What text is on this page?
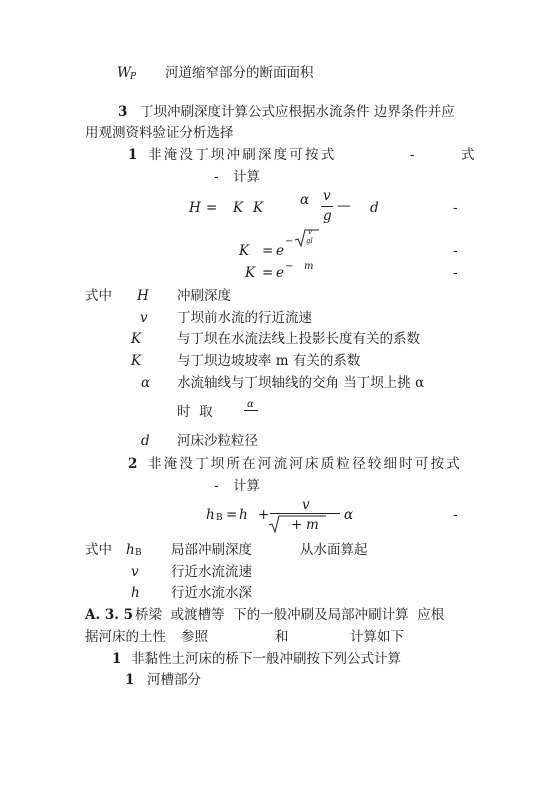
W P 河道缩窄部分的断面面积
3 丁坝冲刷深度计算公式应根据水流条件 边界条件并应
用观测资料验证分析选择
1 非淹没丁坝冲刷深度可按式	-	式
- 计算
H = K K	α v
g
— d	-
K = e
−
v
gl
-
K = e − m	-
式中 H 冲刷深度
v 丁坝前水流的行近流速
K	与丁坝在水流法线上投影长度有关的系数
K	与丁坝边坡坡率 m 有关的系数
α 水流轴线与丁坝轴线的交角 当丁坝上挑 α
时  取	α
d 河床沙粒粒径
2 非淹没丁坝所在河流河床质粒径较细时可按式
- 计算
h B = h +
v
+ m
α	-
式中 h B 局部冲刷深度	从水面算起
v 行近水流流速
h 行近水流水深
A. 3. 5 桥梁  或渡槽等  下的一般冲刷及局部冲刷计算  应根
据河床的土性 参照	和	计算如下
1 非黏性土河床的桥下一般冲刷按下列公式计算
1 河槽部分
